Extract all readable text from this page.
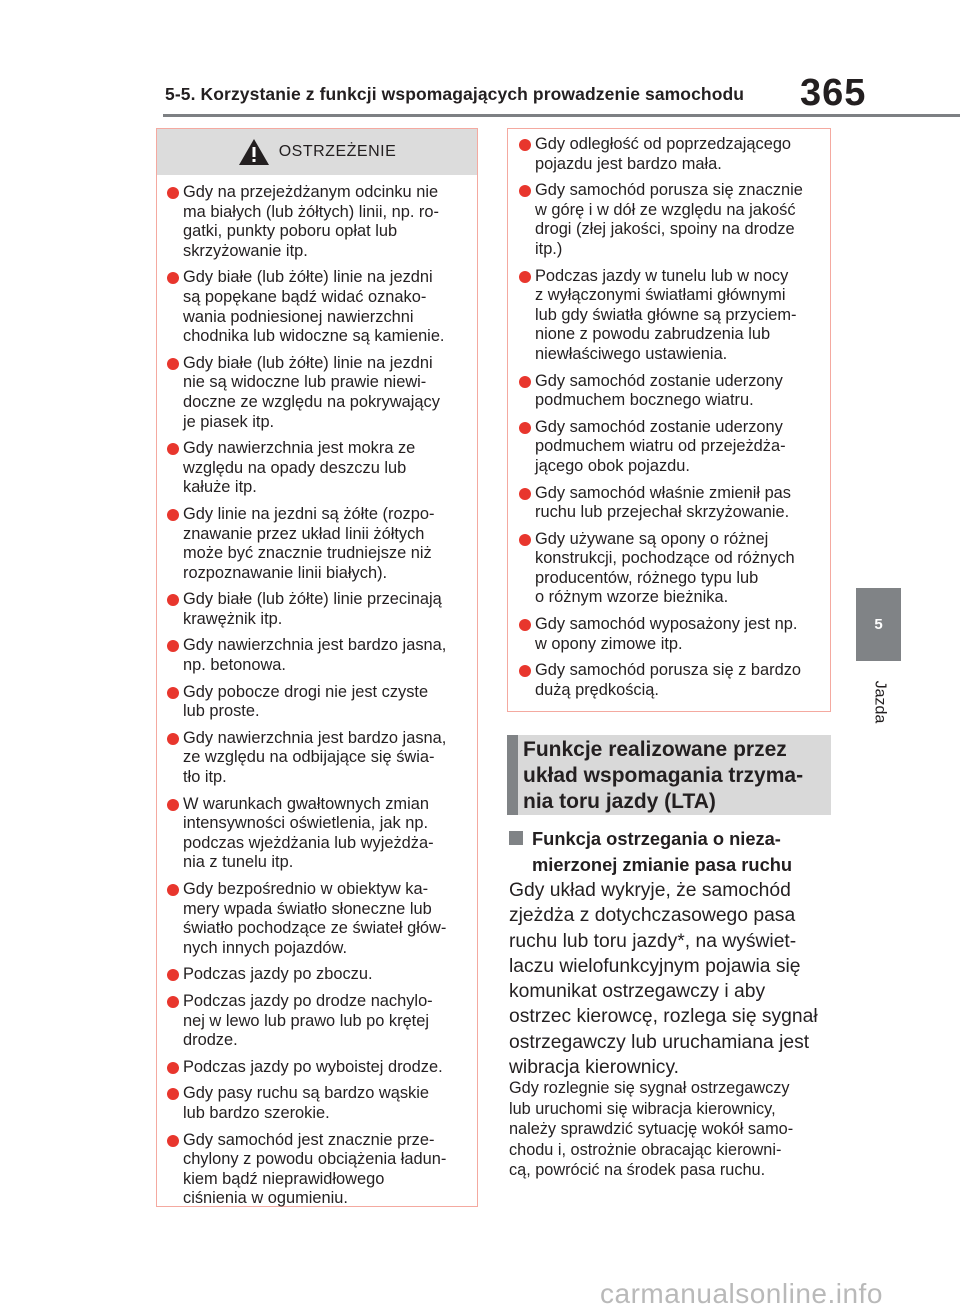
5-5. Korzystanie z funkcji wspomagających prowadzenie samochodu 365
5
Jazda
OSTRZEŻENIE
Gdy na przejeżdżanym odcinku nie
ma białych (lub żółtych) linii, np. ro-
gatki, punkty poboru opłat lub
skrzyżowanie itp.
Gdy białe (lub żółte) linie na jezdni
są popękane bądź widać oznako-
wania podniesionej nawierzchni
chodnika lub widoczne są kamienie.
Gdy białe (lub żółte) linie na jezdni
nie są widoczne lub prawie niewi-
doczne ze względu na pokrywający
je piasek itp.
Gdy nawierzchnia jest mokra ze
względu na opady deszczu lub
kałuże itp.
Gdy linie na jezdni są żółte (rozpo-
znawanie przez układ linii żółtych
może być znacznie trudniejsze niż
rozpoznawanie linii białych).
Gdy białe (lub żółte) linie przecinają
krawężnik itp.
Gdy nawierzchnia jest bardzo jasna,
np. betonowa.
Gdy pobocze drogi nie jest czyste
lub proste.
Gdy nawierzchnia jest bardzo jasna,
ze względu na odbijające się świa-
tło itp.
W warunkach gwałtownych zmian
intensywności oświetlenia, jak np.
podczas wjeżdżania lub wyjeżdża-
nia z tunelu itp.
Gdy bezpośrednio w obiektyw ka-
mery wpada światło słoneczne lub
światło pochodzące ze świateł głów-
nych innych pojazdów.
Podczas jazdy po zboczu.
Podczas jazdy po drodze nachylo-
nej w lewo lub prawo lub po krętej
drodze.
Podczas jazdy po wyboistej drodze.
Gdy pasy ruchu są bardzo wąskie
lub bardzo szerokie.
Gdy samochód jest znacznie prze-
chylony z powodu obciążenia ładun-
kiem bądź nieprawidłowego
ciśnienia w ogumieniu.
Gdy odległość od poprzedzającego
pojazdu jest bardzo mała.
Gdy samochód porusza się znacznie
w górę i w dół ze względu na jakość
drogi (złej jakości, spoiny na drodze
itp.)
Podczas jazdy w tunelu lub w nocy
z wyłączonymi światłami głównymi
lub gdy światła główne są przyciem-
nione z powodu zabrudzenia lub
niewłaściwego ustawienia.
Gdy samochód zostanie uderzony
podmuchem bocznego wiatru.
Gdy samochód zostanie uderzony
podmuchem wiatru od przejeżdża-
jącego obok pojazdu.
Gdy samochód właśnie zmienił pas
ruchu lub przejechał skrzyżowanie.
Gdy używane są opony o różnej
konstrukcji, pochodzące od różnych
producentów, różnego typu lub
o różnym wzorze bieżnika.
Gdy samochód wyposażony jest np.
w opony zimowe itp.
Gdy samochód porusza się z bardzo
dużą prędkością.
Funkcje realizowane przez
układ wspomagania trzyma-
nia toru jazdy (LTA)
Funkcja ostrzegania o nieza-
mierzonej zmianie pasa ruchu
Gdy układ wykryje, że samochód
zjeżdża z dotychczasowego pasa
ruchu lub toru jazdy*, na wyświet-
laczu wielofunkcyjnym pojawia się
komunikat ostrzegawczy i aby
ostrzec kierowcę, rozlega się sygnał
ostrzegawczy lub uruchamiana jest
wibracja kierownicy.
Gdy rozlegnie się sygnał ostrzegawczy
lub uruchomi się wibracja kierownicy,
należy sprawdzić sytuację wokół samo-
chodu i, ostrożnie obracając kierowni-
cą, powrócić na środek pasa ruchu.
carmanualsonline.info
